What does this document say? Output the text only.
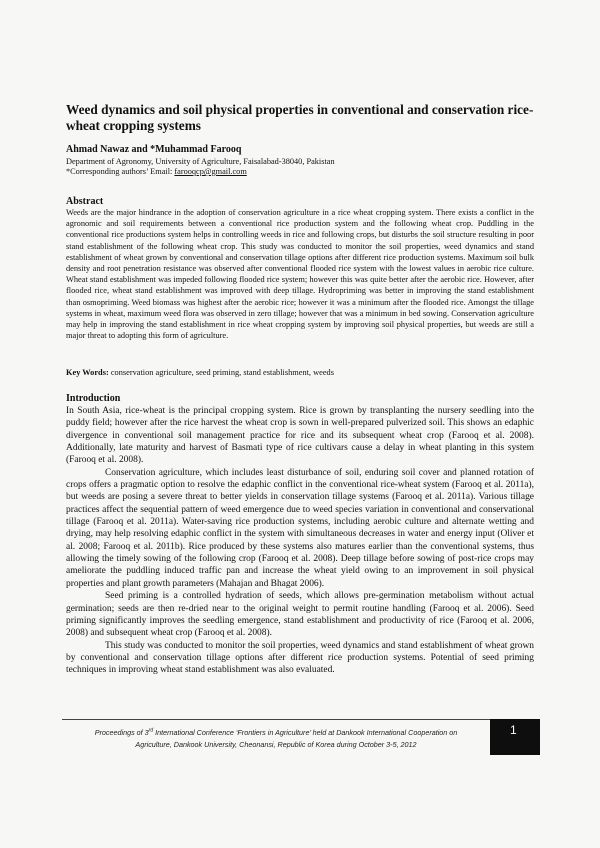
Weed dynamics and soil physical properties in conventional and conservation rice-wheat cropping systems
Ahmad Nawaz and *Muhammad Farooq
Department of Agronomy, University of Agriculture, Faisalabad-38040, Pakistan
*Corresponding authors’ Email: farooqcp@gmail.com
Abstract
Weeds are the major hindrance in the adoption of conservation agriculture in a rice wheat cropping system. There exists a conflict in the agronomic and soil requirements between a conventional rice production system and the following wheat crop. Puddling in the conventional rice productions system helps in controlling weeds in rice and following crops, but disturbs the soil structure resulting in poor stand establishment of the following wheat crop. This study was conducted to monitor the soil properties, weed dynamics and stand establishment of wheat grown by conventional and conservation tillage options after different rice production systems. Maximum soil bulk density and root penetration resistance was observed after conventional flooded rice system with the lowest values in aerobic rice culture. Wheat stand establishment was impeded following flooded rice system; however this was quite better after the aerobic rice. However, after flooded rice, wheat stand establishment was improved with deep tillage. Hydropriming was better in improving the stand establishment than osmopriming. Weed biomass was highest after the aerobic rice; however it was a minimum after the flooded rice. Amongst the tillage systems in wheat, maximum weed flora was observed in zero tillage; however that was a minimum in bed sowing. Conservation agriculture may help in improving the stand establishment in rice wheat cropping system by improving soil physical properties, but weeds are still a major threat to adopting this form of agriculture.
Key Words: conservation agriculture, seed priming, stand establishment, weeds
Introduction

In South Asia, rice-wheat is the principal cropping system. Rice is grown by transplanting the nursery seedling into the puddy field; however after the rice harvest the wheat crop is sown in well-prepared pulverized soil. This shows an edaphic divergence in conventional soil management practice for rice and its subsequent wheat crop (Farooq et al. 2008). Additionally, late maturity and harvest of Basmati type of rice cultivars cause a delay in wheat planting in this system (Farooq et al. 2008).

Conservation agriculture, which includes least disturbance of soil, enduring soil cover and planned rotation of crops offers a pragmatic option to resolve the edaphic conflict in the conventional rice-wheat system (Farooq et al. 2011a), but weeds are posing a severe threat to better yields in conservation tillage systems (Farooq et al. 2011a). Various tillage practices affect the sequential pattern of weed emergence due to weed species variation in conventional and conservational tillage (Farooq et al. 2011a). Water-saving rice production systems, including aerobic culture and alternate wetting and drying, may help resolving edaphic conflict in the system with simultaneous decreases in water and energy input (Oliver et al. 2008; Farooq et al. 2011b). Rice produced by these systems also matures earlier than the conventional systems, thus allowing the timely sowing of the following crop (Farooq et al. 2008). Deep tillage before sowing of post-rice crops may ameliorate the puddling induced traffic pan and increase the wheat yield owing to an improvement in soil physical properties and plant growth parameters (Mahajan and Bhagat 2006).

Seed priming is a controlled hydration of seeds, which allows pre-germination metabolism without actual germination; seeds are then re-dried near to the original weight to permit routine handling (Farooq et al. 2006). Seed priming significantly improves the seedling emergence, stand establishment and productivity of rice (Farooq et al. 2006, 2008) and subsequent wheat crop (Farooq et al. 2008).

This study was conducted to monitor the soil properties, weed dynamics and stand establishment of wheat grown by conventional and conservation tillage options after different rice production systems. Potential of seed priming techniques in improving wheat stand establishment was also evaluated.

Proceedings of 3rd International Conference ‘Frontiers in Agriculture’ held at Dankook International Cooperation on
Agriculture, Dankook University, Cheonansi, Republic of Korea during October 3-5, 2012
1
